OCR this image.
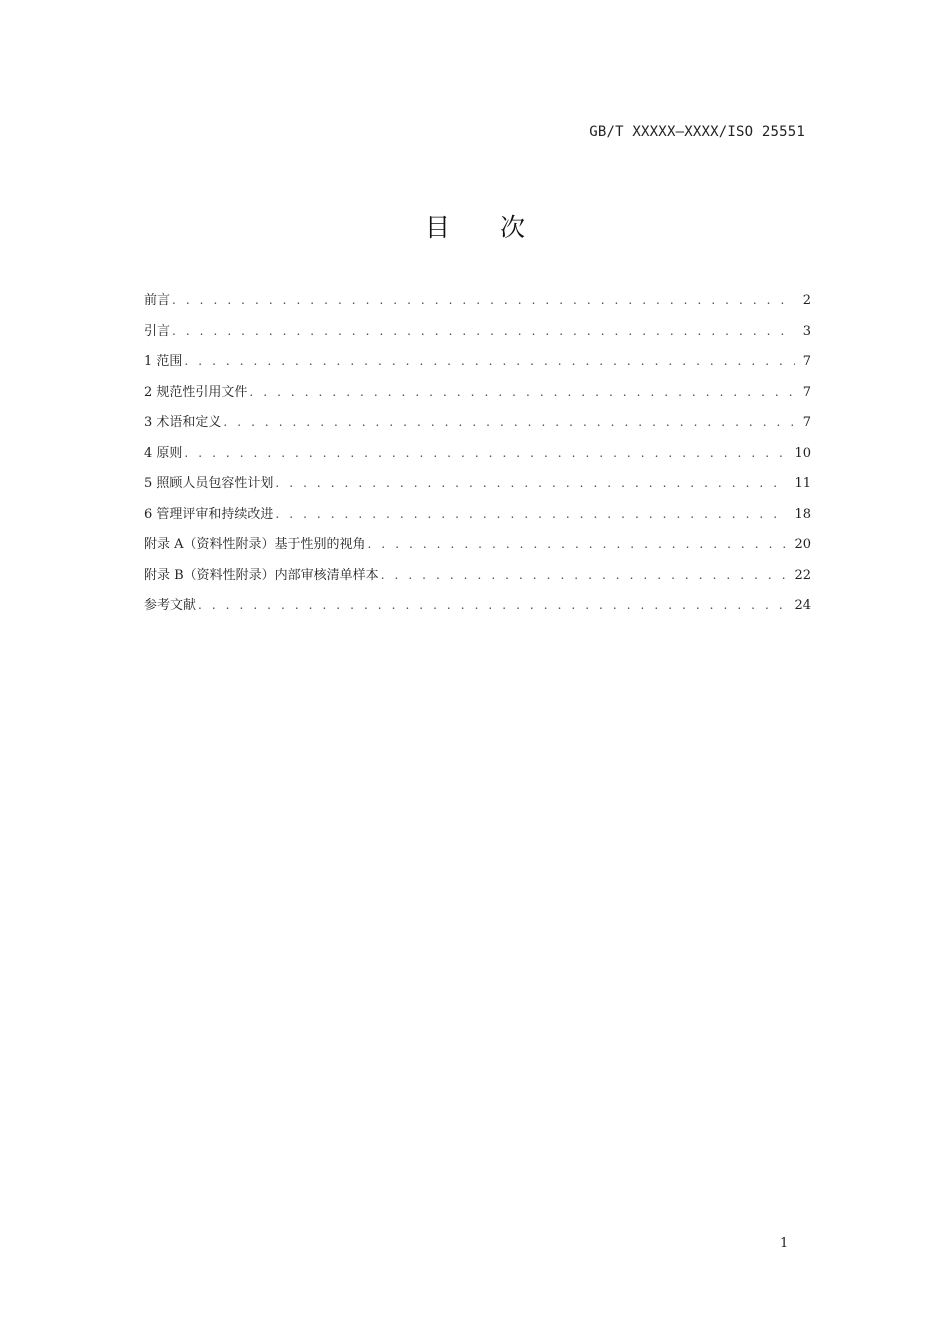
GB/T XXXXX—XXXX/ISO 25551
目 次
前言 . . .	2
引言 . . .	3
1 范围 . . .	7
2 规范性引用文件 . . .	7
3 术语和定义 . . .	7
4 原则 . . .	10
5 照顾人员包容性计划 . . .	11
6 管理评审和持续改进 . . .	18
附录 A（资料性附录）基于性别的视角 . . .	20
附录 B（资料性附录）内部审核清单样本 . . .	22
参考文献 . . .	24
1
